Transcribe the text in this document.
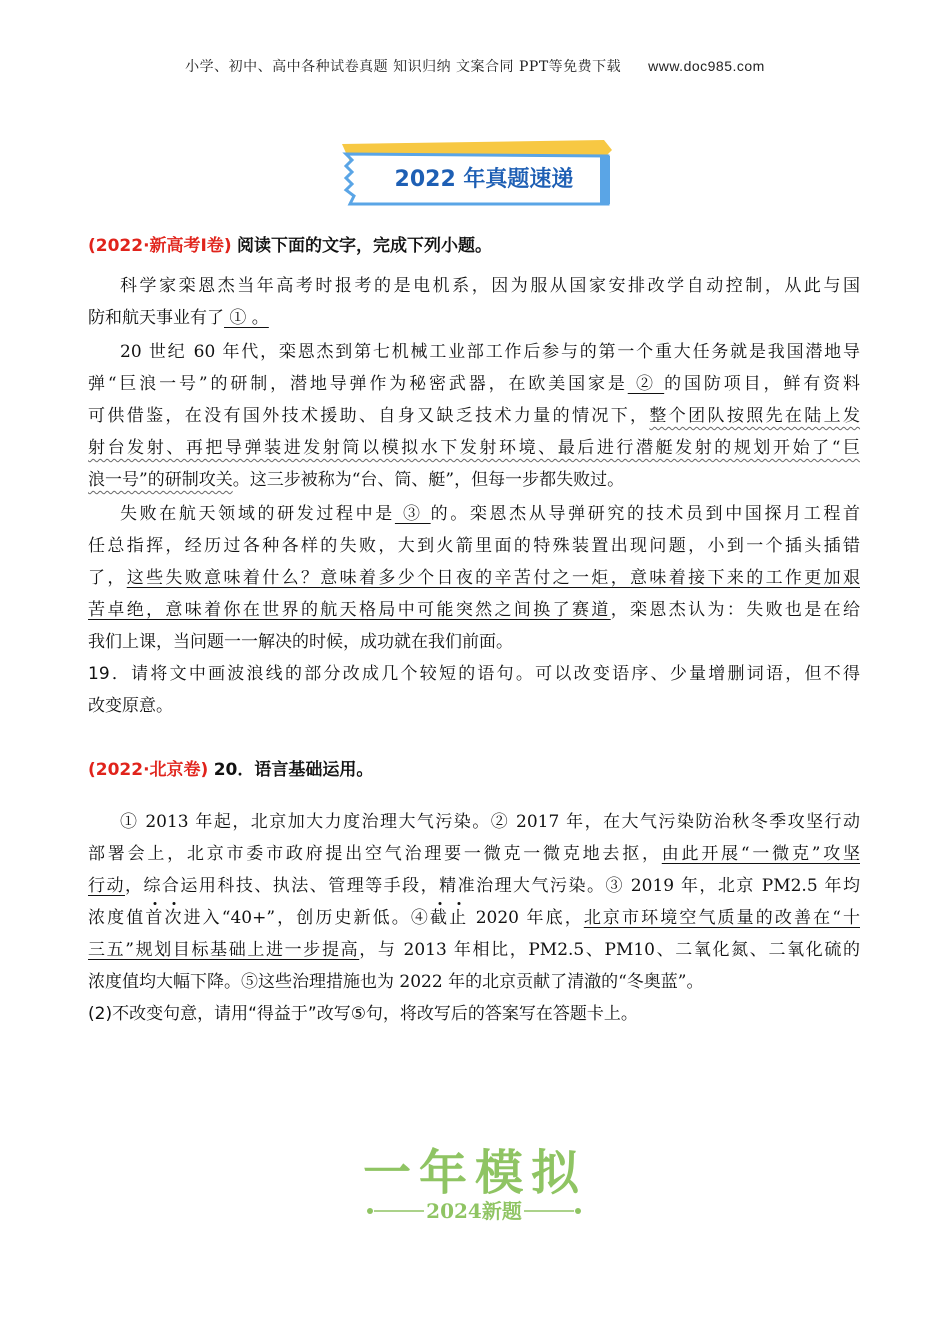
小学、初中、高中各种试卷真题 知识归纳 文案合同 PPT等免费下载 www.doc985.com
2022 年真题速递
(2022·新高考Ⅰ卷) 阅读下面的文字，完成下列小题。
科学家栾恩杰当年高考时报考的是电机系，因为服从国家安排改学自动控制，从此与国
防和航天事业有了 ① 。
20 世纪 60 年代，栾恩杰到第七机械工业部工作后参与的第一个重大任务就是我国潜地导
弹“巨浪一号”的研制，潜地导弹作为秘密武器，在欧美国家是 ② 的国防项目，鲜有资料
可供借鉴，在没有国外技术援助、自身又缺乏技术力量的情况下，整个团队按照先在陆上发
射台发射、再把导弹装进发射筒以模拟水下发射环境、最后进行潜艇发射的规划开始了“巨
浪一号”的研制攻关。这三步被称为“台、筒、艇”，但每一步都失败过。
失败在航天领域的研发过程中是 ③ 的。栾恩杰从导弹研究的技术员到中国探月工程首
任总指挥，经历过各种各样的失败，大到火箭里面的特殊装置出现问题，小到一个插头插错
了，这些失败意味着什么？意味着多少个日夜的辛苦付之一炬，意味着接下来的工作更加艰
苦卓绝，意味着你在世界的航天格局中可能突然之间换了赛道，栾恩杰认为：失败也是在给
我们上课，当问题一一解决的时候，成功就在我们前面。
19．请将文中画波浪线的部分改成几个较短的语句。可以改变语序、少量增删词语，但不得
改变原意。
(2022·北京卷) 20．语言基础运用。
① 2013 年起，北京加大力度治理大气污染。② 2017 年，在大气污染防治秋冬季攻坚行动
部署会上，北京市委市政府提出空气治理要一微克一微克地去抠，由此开展“一微克”攻坚
行动，综合运用科技、执法、管理等手段，精准治理大气污染。③ 2019 年，北京 PM2.5 年均
浓度值首次进入“40+”，创历史新低。④截止 2020 年底，北京市环境空气质量的改善在“十
三五”规划目标基础上进一步提高，与 2013 年相比，PM2.5、PM10、二氧化氮、二氧化硫的
浓度值均大幅下降。⑤这些治理措施也为 2022 年的北京贡献了清澈的“冬奥蓝”。
(2)不改变句意，请用“得益于”改写⑤句，将改写后的答案写在答题卡上。
一年模拟
2024新题
